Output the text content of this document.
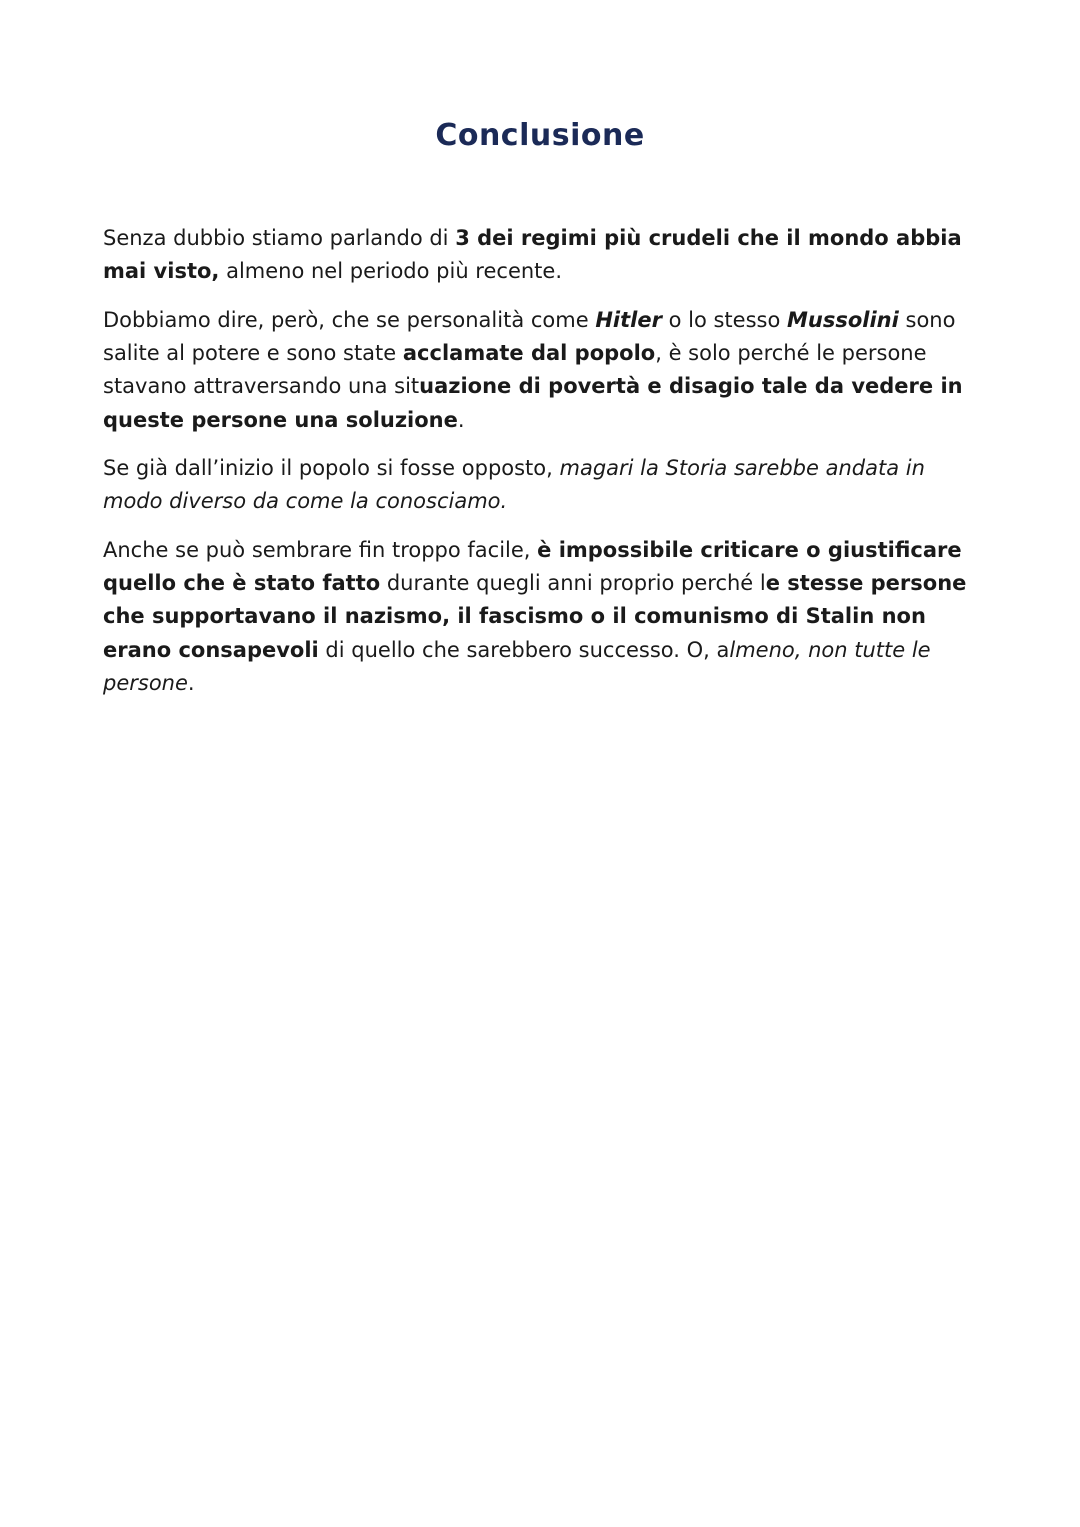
Conclusione

Senza dubbio stiamo parlando di 3 dei regimi più crudeli che il mondo abbia mai visto, almeno nel periodo più recente.

Dobbiamo dire, però, che se personalità come Hitler o lo stesso Mussolini sono salite al potere e sono state acclamate dal popolo, è solo perché le persone stavano attraversando una situazione di povertà e disagio tale da vedere in queste persone una soluzione.

Se già dall’inizio il popolo si fosse opposto, magari la Storia sarebbe andata in modo diverso da come la conosciamo.

Anche se può sembrare fin troppo facile, è impossibile criticare o giustificare quello che è stato fatto durante quegli anni proprio perché le stesse persone che supportavano il nazismo, il fascismo o il comunismo di Stalin non erano consapevoli di quello che sarebbero successo. O, almeno, non tutte le persone.
